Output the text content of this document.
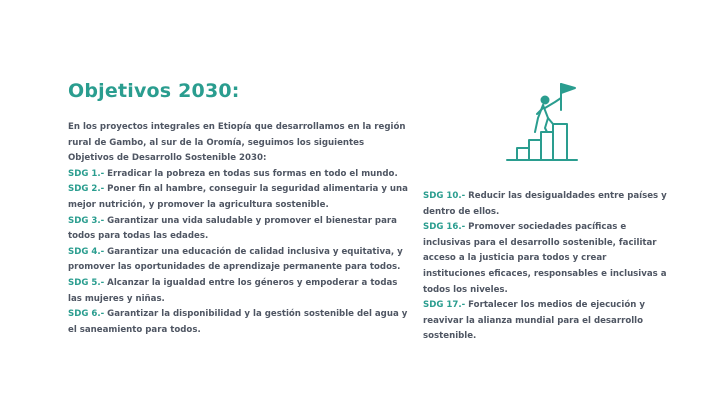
Objetivos 2030:

En los proyectos integrales en Etiopía que desarrollamos en la región rural de Gambo, al sur de la Oromía, seguimos los siguientes Objetivos de Desarrollo Sostenible 2030:

SDG 1.- Erradicar la pobreza en todas sus formas en todo el mundo.

SDG 2.- Poner fin al hambre, conseguir la seguridad alimentaria y una mejor nutrición, y promover la agricultura sostenible.

SDG 3.- Garantizar una vida saludable y promover el bienestar para todos para todas las edades.

SDG 4.- Garantizar una educación de calidad inclusiva y equitativa, y promover las oportunidades de aprendizaje permanente para todos.

SDG 5.- Alcanzar la igualdad entre los géneros y empoderar a todas las mujeres y niñas.

SDG 6.- Garantizar la disponibilidad y la gestión sostenible del agua y el saneamiento para todos.

SDG 10.- Reducir las desigualdades entre países y dentro de ellos.

SDG 16.- Promover sociedades pacíficas e inclusivas para el desarrollo sostenible, facilitar acceso a la justicia para todos y crear instituciones eficaces, responsables e inclusivas a todos los niveles.

SDG 17.- Fortalecer los medios de ejecución y reavivar la alianza mundial para el desarrollo sostenible.
